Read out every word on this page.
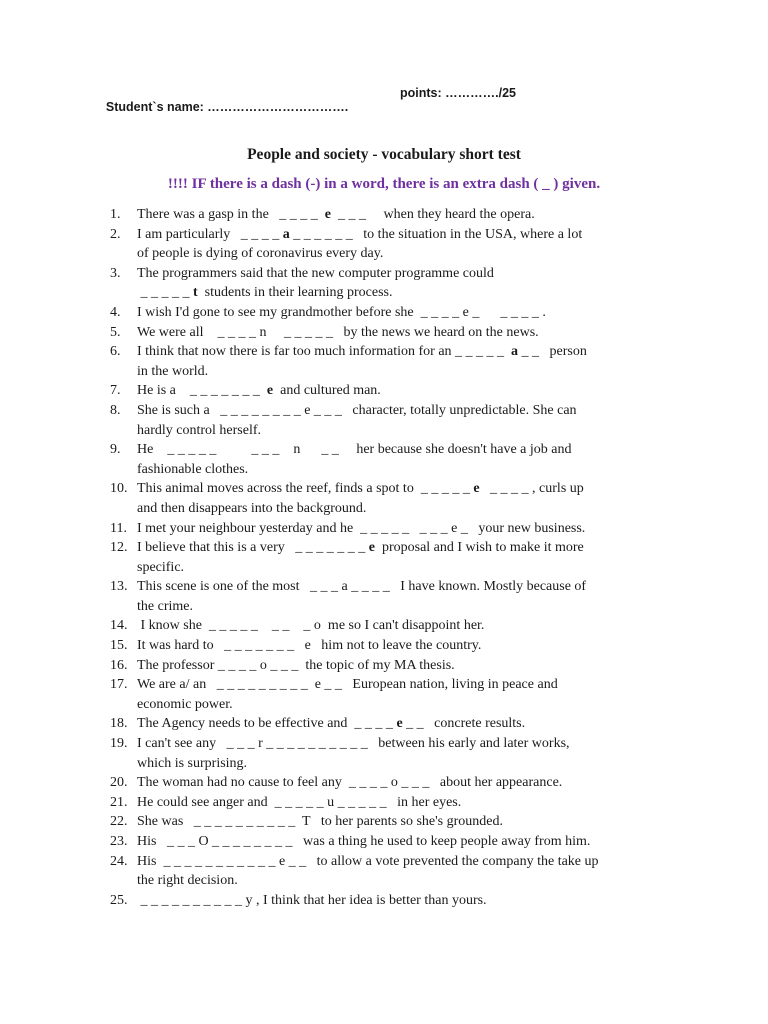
Student`s name: …………………………….

points: …………./25

People and society - vocabulary short test
!!!! IF there is a dash (-) in a word, there is an extra dash ( _ ) given.
1.	There was a gasp in the   _ _ _ _  e  _ _ _     when they heard the opera.
2.	I am particularly   _ _ _ _ a _ _ _ _ _ _   to the situation in the USA, where a lot
of people is dying of coronavirus every day.
3.	The programmers said that the new computer programme could
_ _ _ _ _ t  students in their learning process.
4.	I wish I'd gone to see my grandmother before she  _ _ _ _ e _      _ _ _ _ .
5.	We were all    _ _ _ _ n     _ _ _ _ _   by the news we heard on the news.
6.	I think that now there is far too much information for an _ _ _ _ _  a _ _   person
in the world.
7.	He is a    _ _ _ _ _ _ _  e  and cultured man.
8.	She is such a   _ _ _ _ _ _ _ _ e _ _ _   character, totally unpredictable. She can
hardly control herself.
9.	He    _ _ _ _ _          _ _ _    n      _ _     her because she doesn't have a job and
fashionable clothes.
10. This animal moves across the reef, finds a spot to  _ _ _ _ _ e   _ _ _ _ , curls up
and then disappears into the background.
11. I met your neighbour yesterday and he  _ _ _ _ _   _ _ _ e _   your new business.
12. I believe that this is a very   _ _ _ _ _ _ _ e  proposal and I wish to make it more
specific.
13. This scene is one of the most   _ _ _ a _ _ _ _   I have known. Mostly because of
the crime.
14. I know she  _ _ _ _ _    _ _    _ o  me so I can't disappoint her.
15. It was hard to   _ _ _ _ _ _ _   e   him not to leave the country.
16. The professor _ _ _ _ o _ _ _  the topic of my MA thesis.
17. We are a/ an   _ _ _ _ _ _ _ _ _  e _ _   European nation, living in peace and
economic power.
18. The Agency needs to be effective and  _ _ _ _ e _ _   concrete results.
19. I can't see any   _ _ _ r _ _ _ _ _ _ _ _ _ _   between his early and later works,
which is surprising.
20. The woman had no cause to feel any  _ _ _ _ o _ _ _   about her appearance.
21. He could see anger and  _ _ _ _ _ u _ _ _ _ _   in her eyes.
22. She was   _ _ _ _ _ _ _ _ _ _  T   to her parents so she's grounded.
23. His   _ _ _ O _ _ _ _ _ _ _ _   was a thing he used to keep people away from him.
24. His  _ _ _ _ _ _ _ _ _ _ _ e _ _   to allow a vote prevented the company the take up
the right decision.
25. _ _ _ _ _ _ _ _ _ _ y , I think that her idea is better than yours.
